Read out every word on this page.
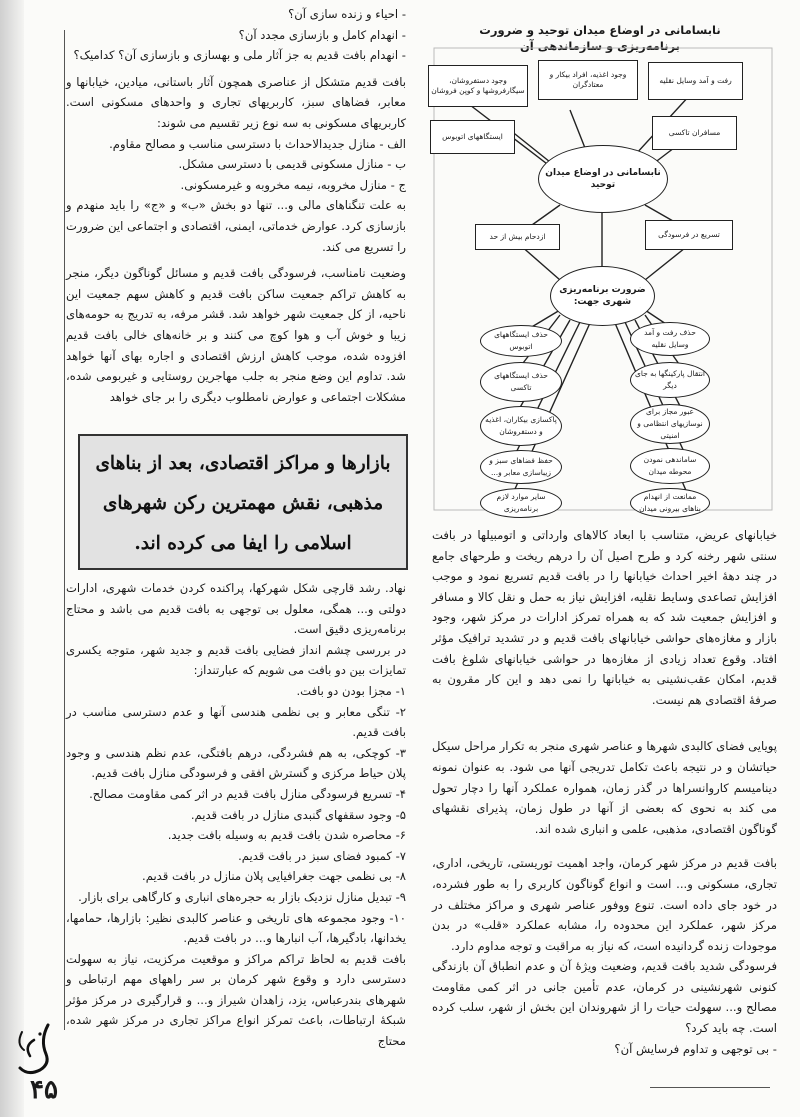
نابسامانی در اوضاع میدان توحید و ضرورت
برنامه‌ریزی و سازماندهی آن
رفت و آمد وسایل نقلیه
وجود اغذیه، افراد بیکار و معتادگران
وجود دستفروشان، سیگارفروشها و کوپن فروشان
ایستگاههای اتوبوس	مسافران تاکسی
نابسامانی در اوضاع میدان توحید
ازدحام بیش از حد	تسریع در فرسودگی
ضرورت برنامه‌ریزی شهری جهت:
حذف رفت و آمد وسایل نقلیه
انتقال پارکینگها به جای دیگر
عبور مجاز برای نوسازیهای انتظامی و امنیتی
ساماندهی نمودن محوطه میدان
ممانعت از انهدام بناهای بیرونی میدان
حذف ایستگاههای اتوبوس
حذف ایستگاههای تاکسی
پاکسازی بیکاران، اغذیه و دستفروشان
حفظ فضاهای سبز و زیباسازی معابر و...
سایر موارد لازم برنامه‌ریزی

خیابانهای عریض، متناسب با ابعاد کالاهای وارداتی و اتومبیلها در بافت سنتی شهر رخنه کرد و طرح اصیل آن را درهم ریخت و طرحهای جامع در چند دههٔ اخیر احداث خیابانها را در بافت قدیم تسریع نمود و موجب افزایش تصاعدی وسایط نقلیه، افزایش نیاز به حمل و نقل کالا و مسافر و افزایش جمعیت شد که به همراه تمرکز ادارات در مرکز شهر، وجود بازار و مغازه‌های حواشی خیابانهای بافت قدیم و در تشدید ترافیک مؤثر افتاد. وقوع تعداد زیادی از مغازه‌ها در حواشی خیابانهای شلوغ بافت قدیم، امکان عقب‌نشینی به خیابانها را نمی دهد و این کار مقرون به صرفهٔ اقتصادی هم نیست.

پویایی فضای کالبدی شهرها و عناصر شهری منجر به تکرار مراحل سیکل حیاتشان و در نتیجه باعث تکامل تدریجی آنها می شود. به عنوان نمونه دینامیسم کاروانسراها در گذر زمان، همواره عملکرد آنها را دچار تحول می کند به نحوی که بعضی از آنها در طول زمان، پذیرای نقشهای گوناگون اقتصادی، مذهبی، علمی و انباری شده اند.

بافت قدیم در مرکز شهر کرمان، واجد اهمیت توریستی، تاریخی، اداری، تجاری، مسکونی و... است و انواع گوناگون کاربری را به طور فشرده، در خود جای داده است. تنوع ووفور عناصر شهری و مراکز مختلف در مرکز شهر، عملکرد این محدوده را، مشابه عملکرد «قلب» در بدن موجودات زنده گردانیده است، که نیاز به مراقبت و توجه مداوم دارد.

فرسودگی شدید بافت قدیم، وضعیت ویژهٔ آن و عدم انطباق آن بازندگی کنونی شهرنشینی در کرمان، عدم تأمین جانی در اثر کمی مقاومت مصالح و... سهولت حیات را از شهروندان این بخش از شهر، سلب کرده است. چه باید کرد؟

- بی توجهی و تداوم فرسایش آن؟

- احیاء و زنده سازی آن؟

- انهدام کامل و بازسازی مجدد آن؟

- انهدام بافت قدیم به جز آثار ملی و بهسازی و بازسازی آن؟ کدامیک؟

بافت قدیم متشکل از عناصری همچون آثار باستانی، میادین، خیابانها و معابر، فضاهای سبز، کاربریهای تجاری و واحدهای مسکونی است. کاربریهای مسکونی به سه نوع زیر تقسیم می شوند:

الف - منازل جدیدالاحداث با دسترسی مناسب و مصالح مقاوم.

ب - منازل مسکونی قدیمی با دسترسی مشکل.

ج - منازل مخروبه، نیمه مخروبه و غیرمسکونی.

به علت تنگناهای مالی و... تنها دو بخش «ب» و «ج» را باید منهدم و بازسازی کرد. عوارض خدماتی، ایمنی، اقتصادی و اجتماعی این ضرورت را تسریع می کند.

وضعیت نامناسب، فرسودگی بافت قدیم و مسائل گوناگون دیگر، منجر به کاهش تراکم جمعیت ساکن بافت قدیم و کاهش سهم جمعیت این ناحیه، از کل جمعیت شهر خواهد شد. قشر مرفه، به تدریج به حومه‌های زیبا و خوش آب و هوا کوچ می کنند و بر خانه‌های خالی بافت قدیم افزوده شده، موجب کاهش ارزش اقتصادی و اجاره بهای آنها خواهد شد. تداوم این وضع منجر به جلب مهاجرین روستایی و غیربومی شده، مشکلات اجتماعی و عوارض نامطلوب دیگری را بر جای خواهد

بازارها و مراکز اقتصادی، بعد از بناهای مذهبی، نقش مهمترین رکن شهرهای اسلامی را ایفا می کرده اند.

نهاد. رشد قارچی شکل شهرکها، پراکنده کردن خدمات شهری، ادارات دولتی و... همگی، معلول بی توجهی به بافت قدیم می باشد و محتاج برنامه‌ریزی دقیق است.

در بررسی چشم انداز فضایی بافت قدیم و جدید شهر، متوجه یکسری تمایزات بین دو بافت می شویم که عبارتنداز:

۱- مجزا بودن دو بافت.

۲- تنگی معابر و بی نظمی هندسی آنها و عدم دسترسی مناسب در بافت قدیم.

۳- کوچکی، به هم فشردگی، درهم بافتگی، عدم نظم هندسی و وجود پلان حیاط مرکزی و گسترش افقی و فرسودگی منازل بافت قدیم.

۴- تسریع فرسودگی منازل بافت قدیم در اثر کمی مقاومت مصالح.

۵- وجود سقفهای گنبدی منازل در بافت قدیم.

۶- محاصره شدن بافت قدیم به وسیله بافت جدید.

۷- کمبود فضای سبز در بافت قدیم.

۸- بی نظمی جهت جغرافیایی پلان منازل در بافت قدیم.

۹- تبدیل منازل نزدیک بازار به حجره‌های انباری و کارگاهی برای بازار.

۱۰- وجود مجموعه های تاریخی و عناصر کالبدی نظیر: بازارها، حمامها، یخدانها، بادگیرها، آب انبارها و... در بافت قدیم.

بافت قدیم به لحاظ تراکم مراکز و موقعیت مرکزیت، نیاز به سهولت دسترسی دارد و وقوع شهر کرمان بر سر راههای مهم ارتباطی و شهرهای بندرعباس، یزد، زاهدان شیراز و... و قرارگیری در مرکز مؤثر شبکهٔ ارتباطات، باعث تمرکز انواع مراکز تجاری در مرکز شهر شده، محتاج

۴۵
